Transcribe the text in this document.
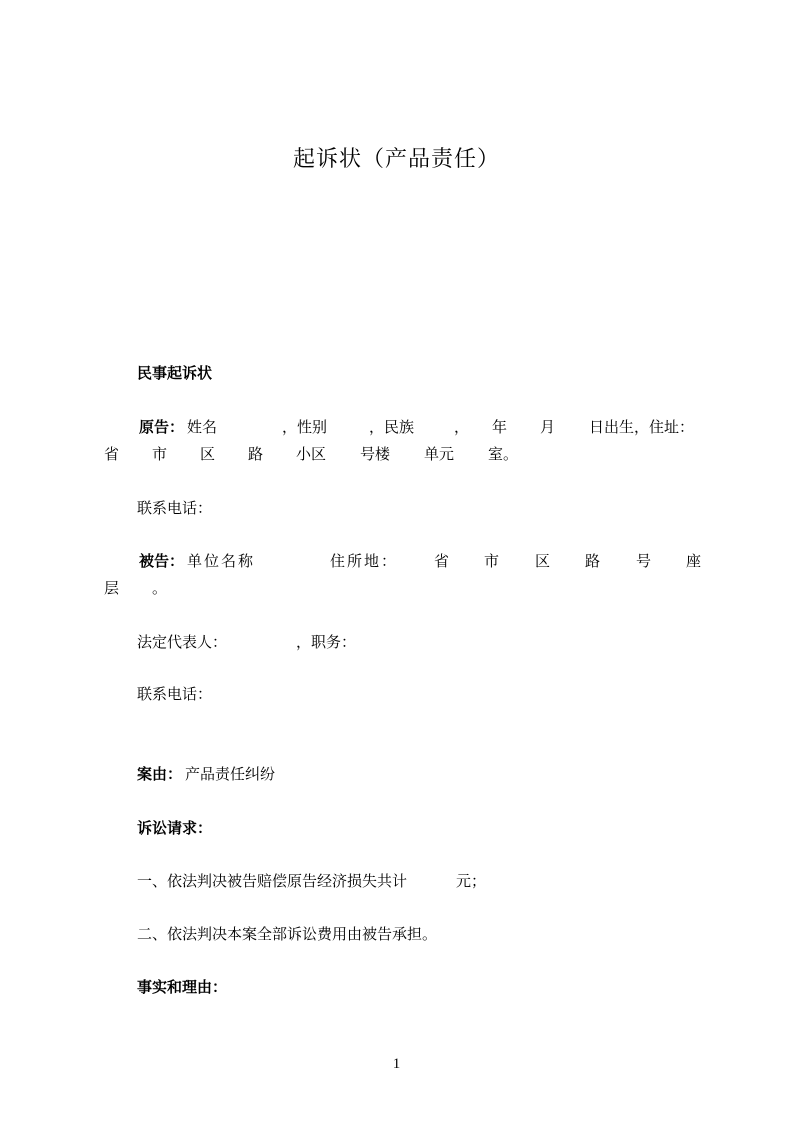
起诉状（产品责任）
民事起诉状
原告： 姓名	，性别	，民族	， 年 月 日出生，住址：
省 市 区 路 小区 号楼 单元 室。
联系电话：
被告： 单位名称	住所地： 省 市 区 路 号 座
层 。
法定代表人：	，职务：
联系电话：
案由： 产品责任纠纷
诉讼请求：
一、依法判决被告赔偿原告经济损失共计	元；
二、依法判决本案全部诉讼费用由被告承担。
事实和理由：
1
